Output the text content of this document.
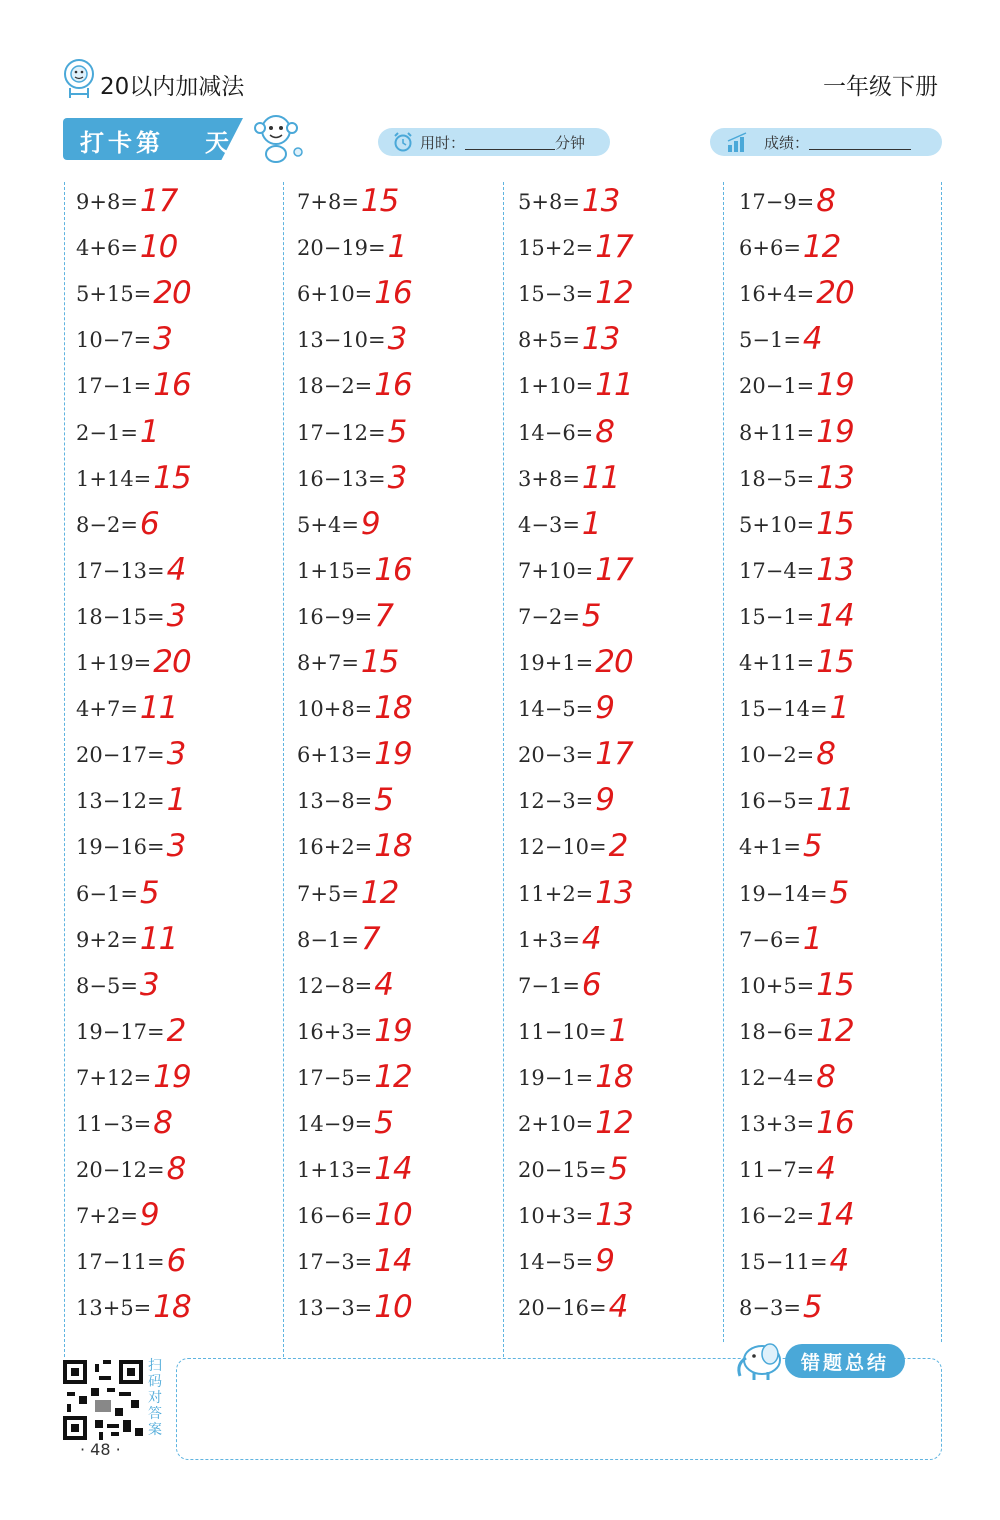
20以内加减法	一年级下册
打卡第 天	用时：	分钟	成绩：
9+8=17
4+6=10
5+15=20
10−7=3
17−1=16
2−1=1
1+14=15
8−2=6
17−13=4
18−15=3
1+19=20
4+7=11
20−17=3
13−12=1
19−16=3
6−1=5
9+2=11
8−5=3
19−17=2
7+12=19
11−3=8
20−12=8
7+2=9
17−11=6
13+5=18
7+8=15
20−19=1
6+10=16
13−10=3
18−2=16
17−12=5
16−13=3
5+4=9
1+15=16
16−9=7
8+7=15
10+8=18
6+13=19
13−8=5
16+2=18
7+5=12
8−1=7
12−8=4
16+3=19
17−5=12
14−9=5
1+13=14
16−6=10
17−3=14
13−3=10
5+8=13
15+2=17
15−3=12
8+5=13
1+10=11
14−6=8
3+8=11
4−3=1
7+10=17
7−2=5
19+1=20
14−5=9
20−3=17
12−3=9
12−10=2
11+2=13
1+3=4
7−1=6
11−10=1
19−1=18
2+10=12
20−15=5
10+3=13
14−5=9
20−16=4
17−9=8
6+6=12
16+4=20
5−1=4
20−1=19
8+11=19
18−5=13
5+10=15
17−4=13
15−1=14
4+11=15
15−14=1
10−2=8
16−5=11
4+1=5
19−14=5
7−6=1
10+5=15
18−6=12
12−4=8
13+3=16
11−7=4
16−2=14
15−11=4
8−3=5
错题总结
扫码对答案
· 48 ·
